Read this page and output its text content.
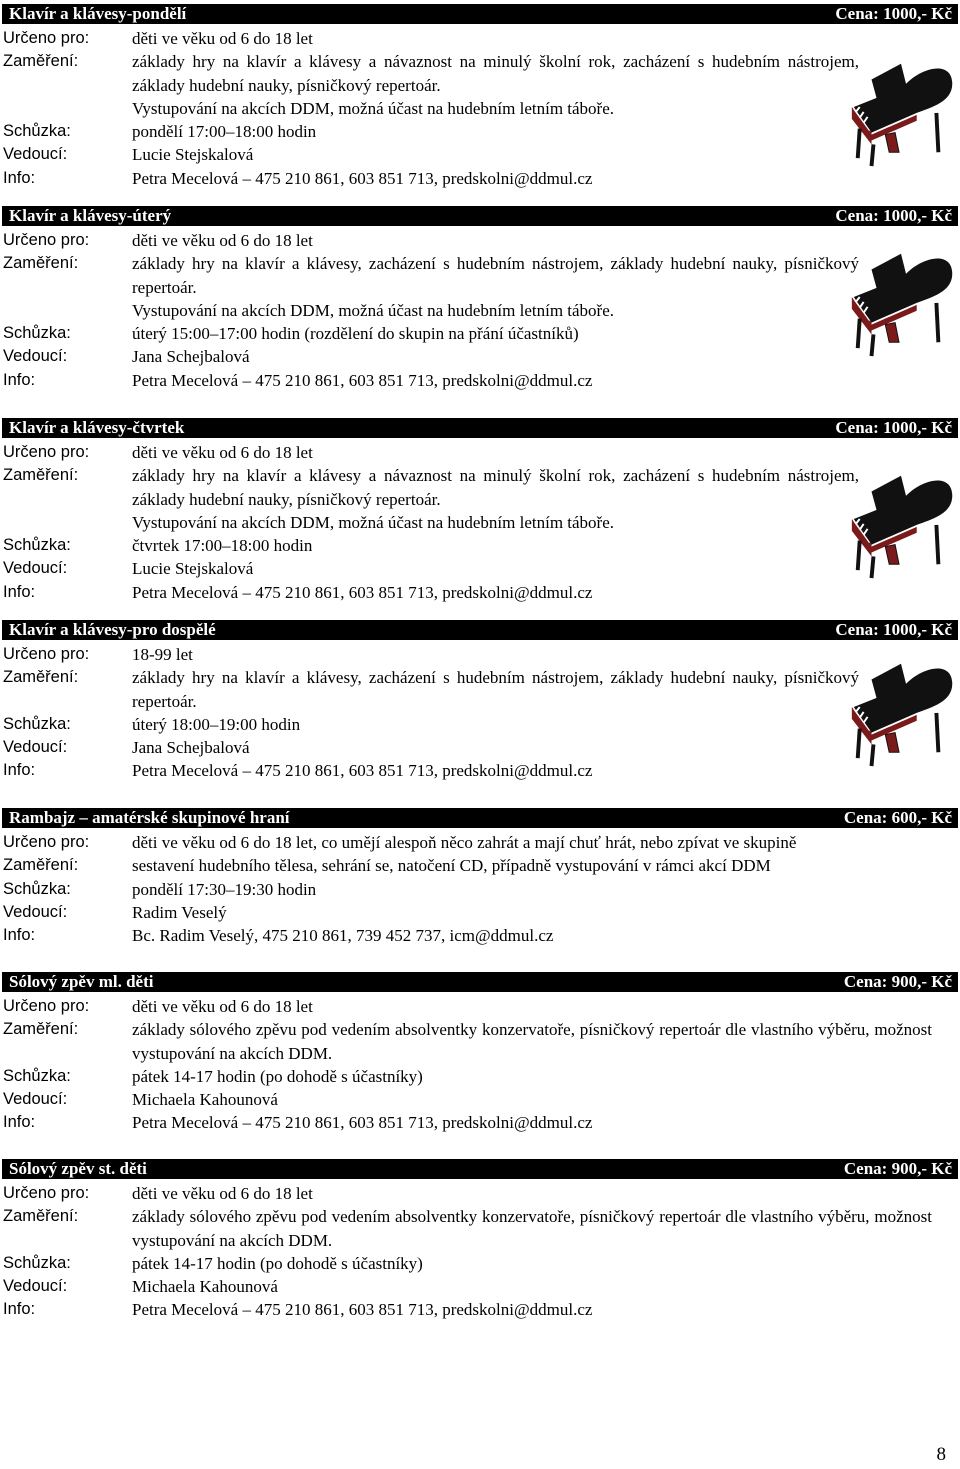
Klavír a klávesy-pondělí	Cena: 1000,- Kč
Určeno pro:	děti ve věku od 6 do 18 let
Zaměření:	základy hry na klavír a klávesy a návaznost na minulý školní rok, zacházení s hudebním nástrojem, základy hudební nauky, písničkový repertoár.
Vystupování na akcích DDM, možná účast na hudebním letním táboře.
Schůzka:	pondělí 17:00–18:00 hodin
Vedoucí:	Lucie Stejskalová
Info:	Petra Mecelová – 475 210 861, 603 851 713, predskolni@ddmul.cz
Klavír a klávesy-úterý	Cena: 1000,- Kč
Určeno pro:	děti ve věku od 6 do 18 let
Zaměření:	základy hry na klavír a klávesy, zacházení s hudebním nástrojem, základy hudební nauky, písničkový repertoár.
Vystupování na akcích DDM, možná účast na hudebním letním táboře.
Schůzka:	úterý 15:00–17:00 hodin (rozdělení do skupin na přání účastníků)
Vedoucí:	Jana Schejbalová
Info:	Petra Mecelová – 475 210 861, 603 851 713, predskolni@ddmul.cz
Klavír a klávesy-čtvrtek	Cena: 1000,- Kč
Určeno pro:	děti ve věku od 6 do 18 let
Zaměření:	základy hry na klavír a klávesy a návaznost na minulý školní rok, zacházení s hudebním nástrojem, základy hudební nauky, písničkový repertoár.
Vystupování na akcích DDM, možná účast na hudebním letním táboře.
Schůzka:	čtvrtek 17:00–18:00 hodin
Vedoucí:	Lucie Stejskalová
Info:	Petra Mecelová – 475 210 861, 603 851 713, predskolni@ddmul.cz
Klavír a klávesy-pro dospělé	Cena: 1000,- Kč
Určeno pro:	18-99 let
Zaměření:	základy hry na klavír a klávesy, zacházení s hudebním nástrojem, základy hudební nauky, písničkový repertoár.
Schůzka:	úterý 18:00–19:00 hodin
Vedoucí:	Jana Schejbalová
Info:	Petra Mecelová – 475 210 861, 603 851 713, predskolni@ddmul.cz
Rambajz – amatérské skupinové hraní	Cena: 600,- Kč
Určeno pro:	děti ve věku od 6 do 18 let, co umějí alespoň něco zahrát a mají chuť hrát, nebo zpívat ve skupině
Zaměření:	sestavení hudebního tělesa, sehrání se, natočení CD, případně vystupování v rámci akcí DDM
Schůzka:	pondělí 17:30–19:30 hodin
Vedoucí:	Radim Veselý
Info:	Bc. Radim Veselý, 475 210 861, 739 452 737, icm@ddmul.cz
Sólový zpěv ml. děti	Cena: 900,- Kč
Určeno pro:	děti ve věku od 6 do 18 let
Zaměření:	základy sólového zpěvu pod vedením absolventky konzervatoře, písničkový repertoár dle vlastního výběru, možnost vystupování na akcích DDM.
Schůzka:	pátek 14-17 hodin (po dohodě s účastníky)
Vedoucí:	Michaela Kahounová
Info:	Petra Mecelová – 475 210 861, 603 851 713, predskolni@ddmul.cz
Sólový zpěv st. děti	Cena: 900,- Kč
Určeno pro:	děti ve věku od 6 do 18 let
Zaměření:	základy sólového zpěvu pod vedením absolventky konzervatoře, písničkový repertoár dle vlastního výběru, možnost vystupování na akcích DDM.
Schůzka:	pátek 14-17 hodin (po dohodě s účastníky)
Vedoucí:	Michaela Kahounová
Info:	Petra Mecelová – 475 210 861, 603 851 713, predskolni@ddmul.cz
8
